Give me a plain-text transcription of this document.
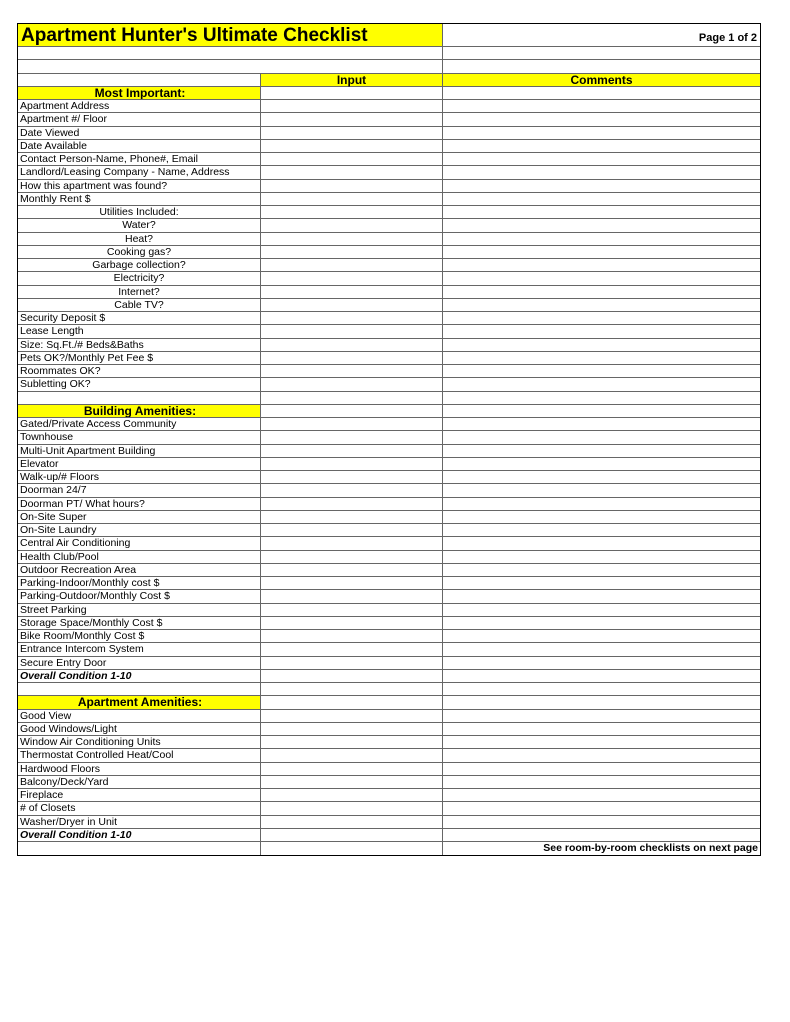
Apartment Hunter's Ultimate Checklist	Page 1 of 2
Input	Comments
Most Important:
Apartment Address
Apartment #/ Floor
Date Viewed
Date Available
Contact Person-Name, Phone#, Email
Landlord/Leasing Company - Name, Address
How this apartment was found?
Monthly Rent $
Utilities Included:
Water?
Heat?
Cooking gas?
Garbage collection?
Electricity?
Internet?
Cable TV?
Security Deposit $
Lease Length
Size: Sq.Ft./# Beds&Baths
Pets OK?/Monthly Pet Fee $
Roommates OK?
Subletting OK?
Building Amenities:
Gated/Private Access Community
Townhouse
Multi-Unit Apartment Building
Elevator
Walk-up/# Floors
Doorman 24/7
Doorman PT/ What hours?
On-Site Super
On-Site Laundry
Central Air Conditioning
Health Club/Pool
Outdoor Recreation Area
Parking-Indoor/Monthly cost $
Parking-Outdoor/Monthly Cost $
Street Parking
Storage Space/Monthly Cost $
Bike Room/Monthly Cost $
Entrance Intercom System
Secure Entry Door
Overall Condition 1-10
Apartment Amenities:
Good View
Good Windows/Light
Window Air Conditioning Units
Thermostat Controlled Heat/Cool
Hardwood Floors
Balcony/Deck/Yard
Fireplace
# of Closets
Washer/Dryer in Unit
Overall Condition 1-10
See room-by-room checklists on next page
